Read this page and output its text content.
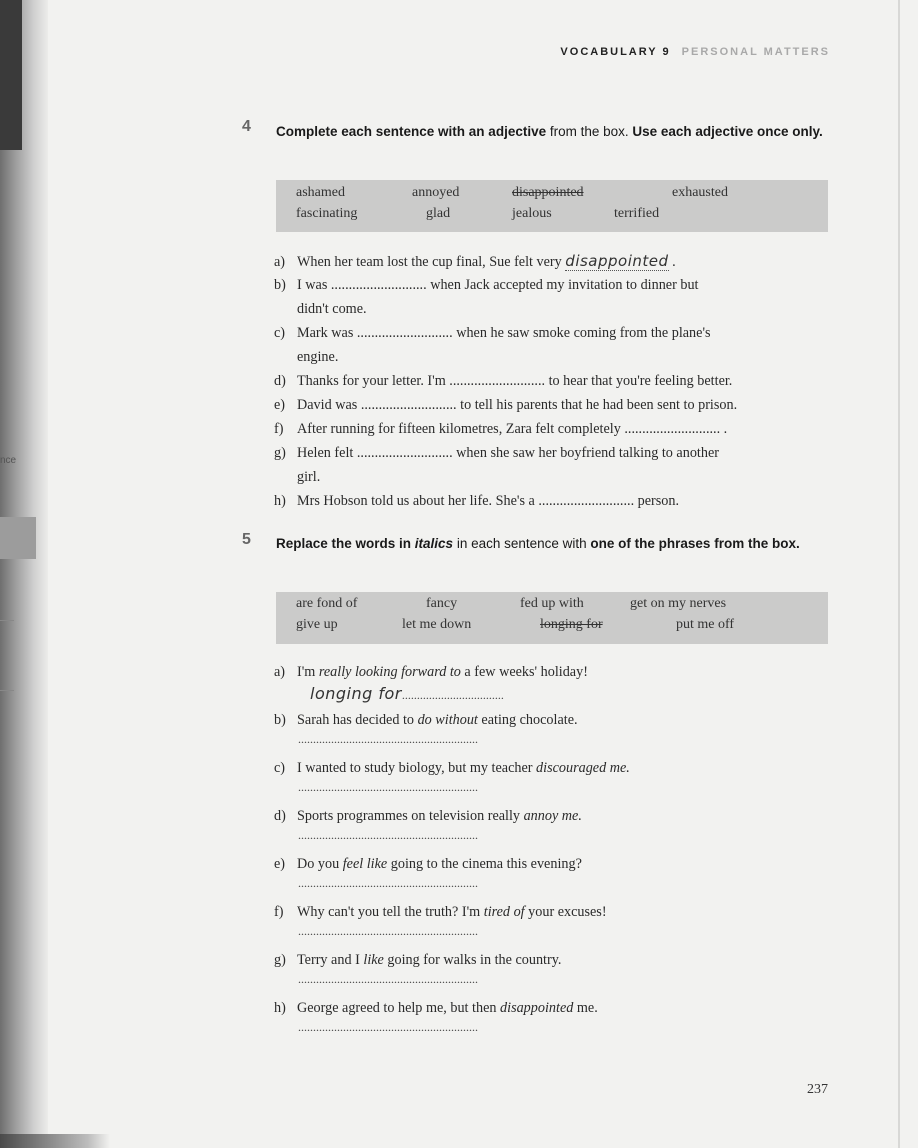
nce
VOCABULARY 9 PERSONAL MATTERS
4 Complete each sentence with an adjective from the box. Use each adjective once only.
ashamed	annoyed	disappointed	exhausted
fascinating	glad	jealous	terrified
a) When her team lost the cup final, Sue felt very disappointed .
b) I was ........................... when Jack accepted my invitation to dinner but
didn't come.
c) Mark was ........................... when he saw smoke coming from the plane's
engine.
d) Thanks for your letter. I'm ........................... to hear that you're feeling better.
e) David was ........................... to tell his parents that he had been sent to prison.
f) After running for fifteen kilometres, Zara felt completely ........................... .
g) Helen felt ........................... when she saw her boyfriend talking to another
girl.
h) Mrs Hobson told us about her life. She's a ........................... person.
5 Replace the words in italics in each sentence with one of the phrases from the box.
are fond of	fancy	fed up with	get on my nerves
give up	let me down	longing for	put me off
a) I'm really looking forward to a few weeks' holiday!
longing for..................................
b) Sarah has decided to do without eating chocolate.
............................................................
c) I wanted to study biology, but my teacher discouraged me.
............................................................
d) Sports programmes on television really annoy me.
............................................................
e) Do you feel like going to the cinema this evening?
............................................................
f) Why can't you tell the truth? I'm tired of your excuses!
............................................................
g) Terry and I like going for walks in the country.
............................................................
h) George agreed to help me, but then disappointed me.
............................................................
237
